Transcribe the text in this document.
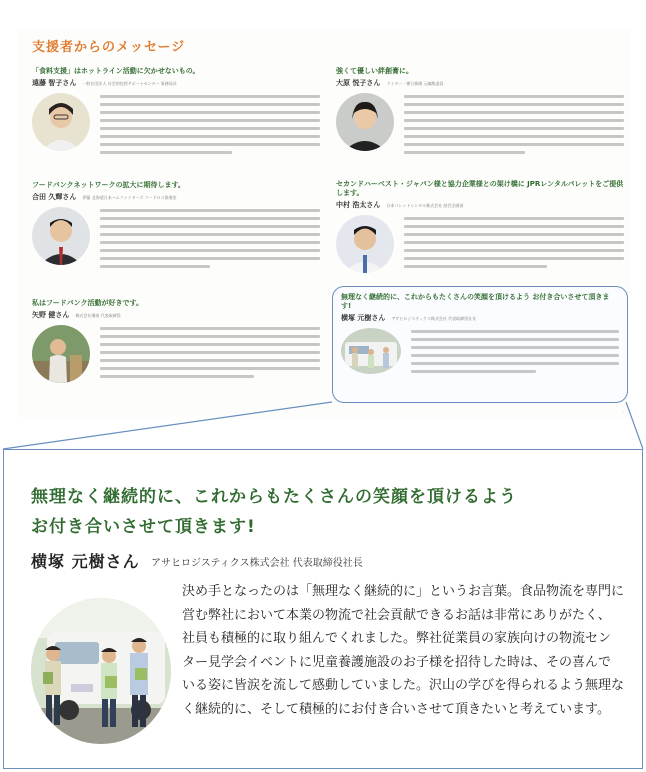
支援者からのメッセージ
「食料支援」はホットライン活動に欠かせないもの。
遠藤 智子さん 一般社団法人 社会的包摂サポートセンター 事務局長
強くて優しい絆創膏に。
大原 悦子さん ライター・朝日新聞 元編集委員
フードバンクネットワークの拡大に期待します。
合田 久輝さん 伊藤 北海道日本ハムファイターズ フードロス推進室
セカンドハーベスト・ジャパン様と協力企業様との架け橋に JPRレンタルパレットをご提供します。
中村 浩太さん 日本パレットレンタル株式会社 経営企画部
私はフードバンク活動が好きです。
矢野 健さん 株式会社湘南 代表取締役
無理なく継続的に、これからもたくさんの笑顔を頂けるよう お付き合いさせて頂きます!
横塚 元樹さん アサヒロジスティクス株式会社 代表取締役社長
·
無理なく継続的に、これからもたくさんの笑顔を頂けるよう
お付き合いさせて頂きます!
横塚 元樹さん アサヒロジスティクス株式会社 代表取締役社長
決め手となったのは「無理なく継続的に」というお言葉。食品物流を専門に
営む弊社において本業の物流で社会貢献できるお話は非常にありがたく、
社員も積極的に取り組んでくれました。弊社従業員の家族向けの物流セン
ター見学会イベントに児童養護施設のお子様を招待した時は、その喜んで
いる姿に皆涙を流して感動していました。沢山の学びを得られるよう無理な
く継続的に、そして積極的にお付き合いさせて頂きたいと考えています。
